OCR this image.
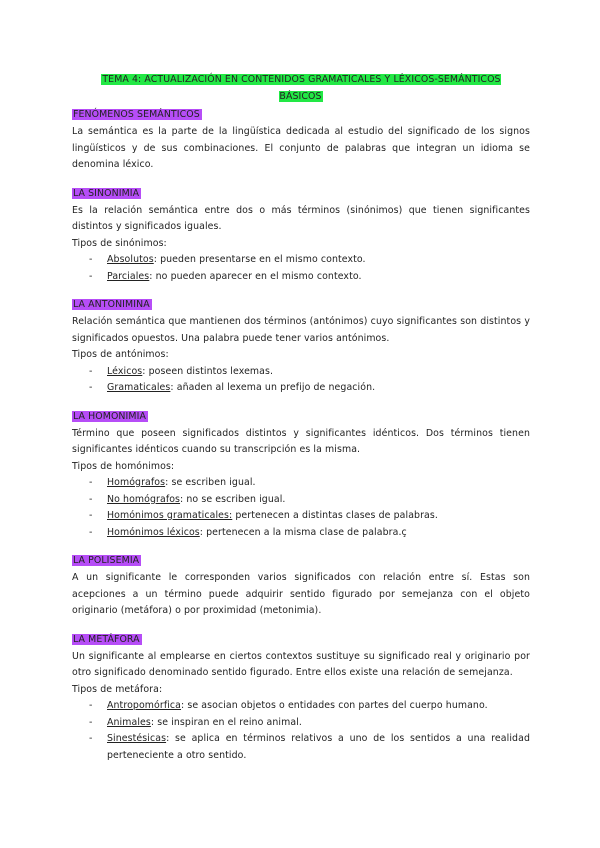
TEMA 4: ACTUALIZACIÓN EN CONTENIDOS GRAMATICALES Y LÉXICOS-SEMÁNTICOS BÁSICOS
FENÓMENOS SEMÁNTICOS

La semántica es la parte de la lingüística dedicada al estudio del significado de los signos lingüísticos y de sus combinaciones. El conjunto de palabras que integran un idioma se denomina léxico.

LA SINONIMIA

Es la relación semántica entre dos o más términos (sinónimos) que tienen significantes distintos y significados iguales.

Tipos de sinónimos:

- Absolutos: pueden presentarse en el mismo contexto.
- Parciales: no pueden aparecer en el mismo contexto.
LA ANTONIMINA

Relación semántica que mantienen dos términos (antónimos) cuyo significantes son distintos y significados opuestos. Una palabra puede tener varios antónimos.

Tipos de antónimos:

- Léxicos: poseen distintos lexemas.
- Gramaticales: añaden al lexema un prefijo de negación.
LA HOMONIMIA

Término que poseen significados distintos y significantes idénticos. Dos términos tienen significantes idénticos cuando su transcripción es la misma.

Tipos de homónimos:

- Homógrafos: se escriben igual.
- No homógrafos: no se escriben igual.
- Homónimos gramaticales: pertenecen a distintas clases de palabras.
- Homónimos léxicos: pertenecen a la misma clase de palabra.ç
LA POLISEMIA

A un significante le corresponden varios significados con relación entre sí. Estas son acepciones a un término puede adquirir sentido figurado por semejanza con el objeto originario (metáfora) o por proximidad (metonimia).

LA METÁFORA

Un significante al emplearse en ciertos contextos sustituye su significado real y originario por otro significado denominado sentido figurado. Entre ellos existe una relación de semejanza.

Tipos de metáfora:

- Antropomórfica: se asocian objetos o entidades con partes del cuerpo humano.
- Animales: se inspiran en el reino animal.
- Sinestésicas: se aplica en términos relativos a uno de los sentidos a una realidad perteneciente a otro sentido.
